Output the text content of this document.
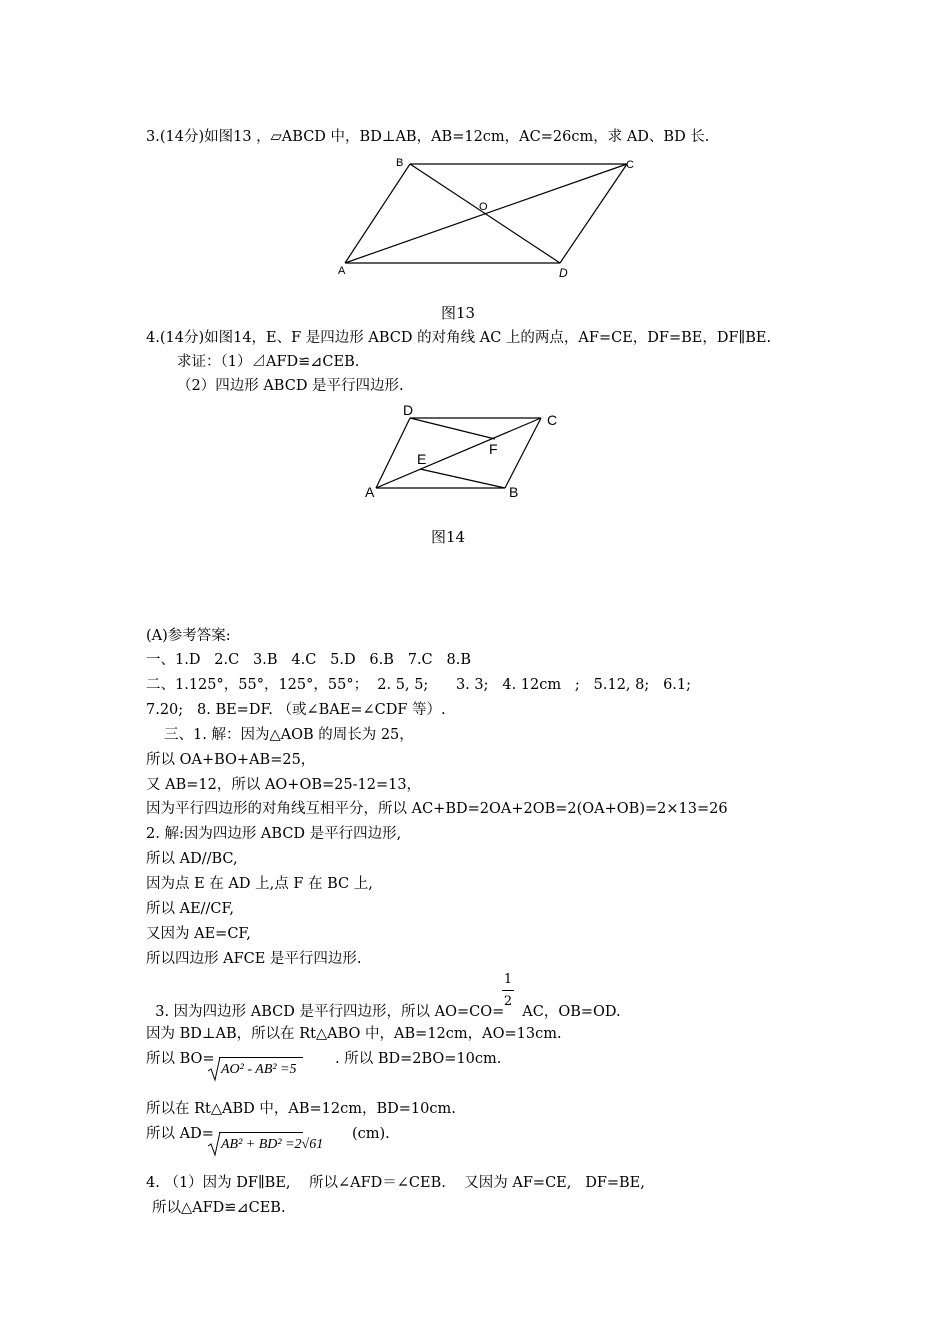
3.(14分)如图13 ，▱ABCD 中，BD⊥AB，AB=12cm，AC=26cm，求 AD、BD 长.
B	C
O
A	D
图13
4.(14分)如图14，E、F 是四边形 ABCD 的对角线 AC 上的两点，AF=CE，DF=BE，DF∥BE.
求证：（1）⊿AFD≌⊿CEB.
（2）四边形 ABCD 是平行四边形.
D
C
E
F
A	B
图14
(A)参考答案:
一、1.D   2.C   3.B   4.C   5.D   6.B   7.C   8.B
二、1.125°，55°，125°，55°；  2. 5, 5;      3. 3;   4. 12cm   ;   5.12, 8;   6.1;
7.20;   8. BE=DF. （或∠BAE=∠CDF 等）.
三、1. 解：因为△AOB 的周长为 25，
所以 OA+BO+AB=25，
又 AB=12，所以 AO+OB=25-12=13，
因为平行四边形的对角线互相平分，所以 AC+BD=2OA+2OB=2(OA+OB)=2×13=26
2. 解:因为四边形 ABCD 是平行四边形,
所以 AD//BC,
因为点 E 在 AD 上,点 F 在 BC 上,
所以 AE//CF,
又因为 AE=CF,
所以四边形 AFCE 是平行四边形.

3. 因为四边形 ABCD 是平行四边形，所以 AO=CO= AC，OB=OD.

1
2
因为 BD⊥AB，所以在 Rt△ABO 中，AB=12cm，AO=13cm.
所以 BO=
AO² - AB² =5
. 所以 BD=2BO=10cm.
所以在 Rt△ABD 中，AB=12cm，BD=10cm.
所以 AD=
AB² + BD² =2√61
(cm).
4. （1）因为 DF∥BE,    所以∠AFD＝∠CEB.    又因为 AF=CE,   DF=BE,
所以△AFD≌⊿CEB.
